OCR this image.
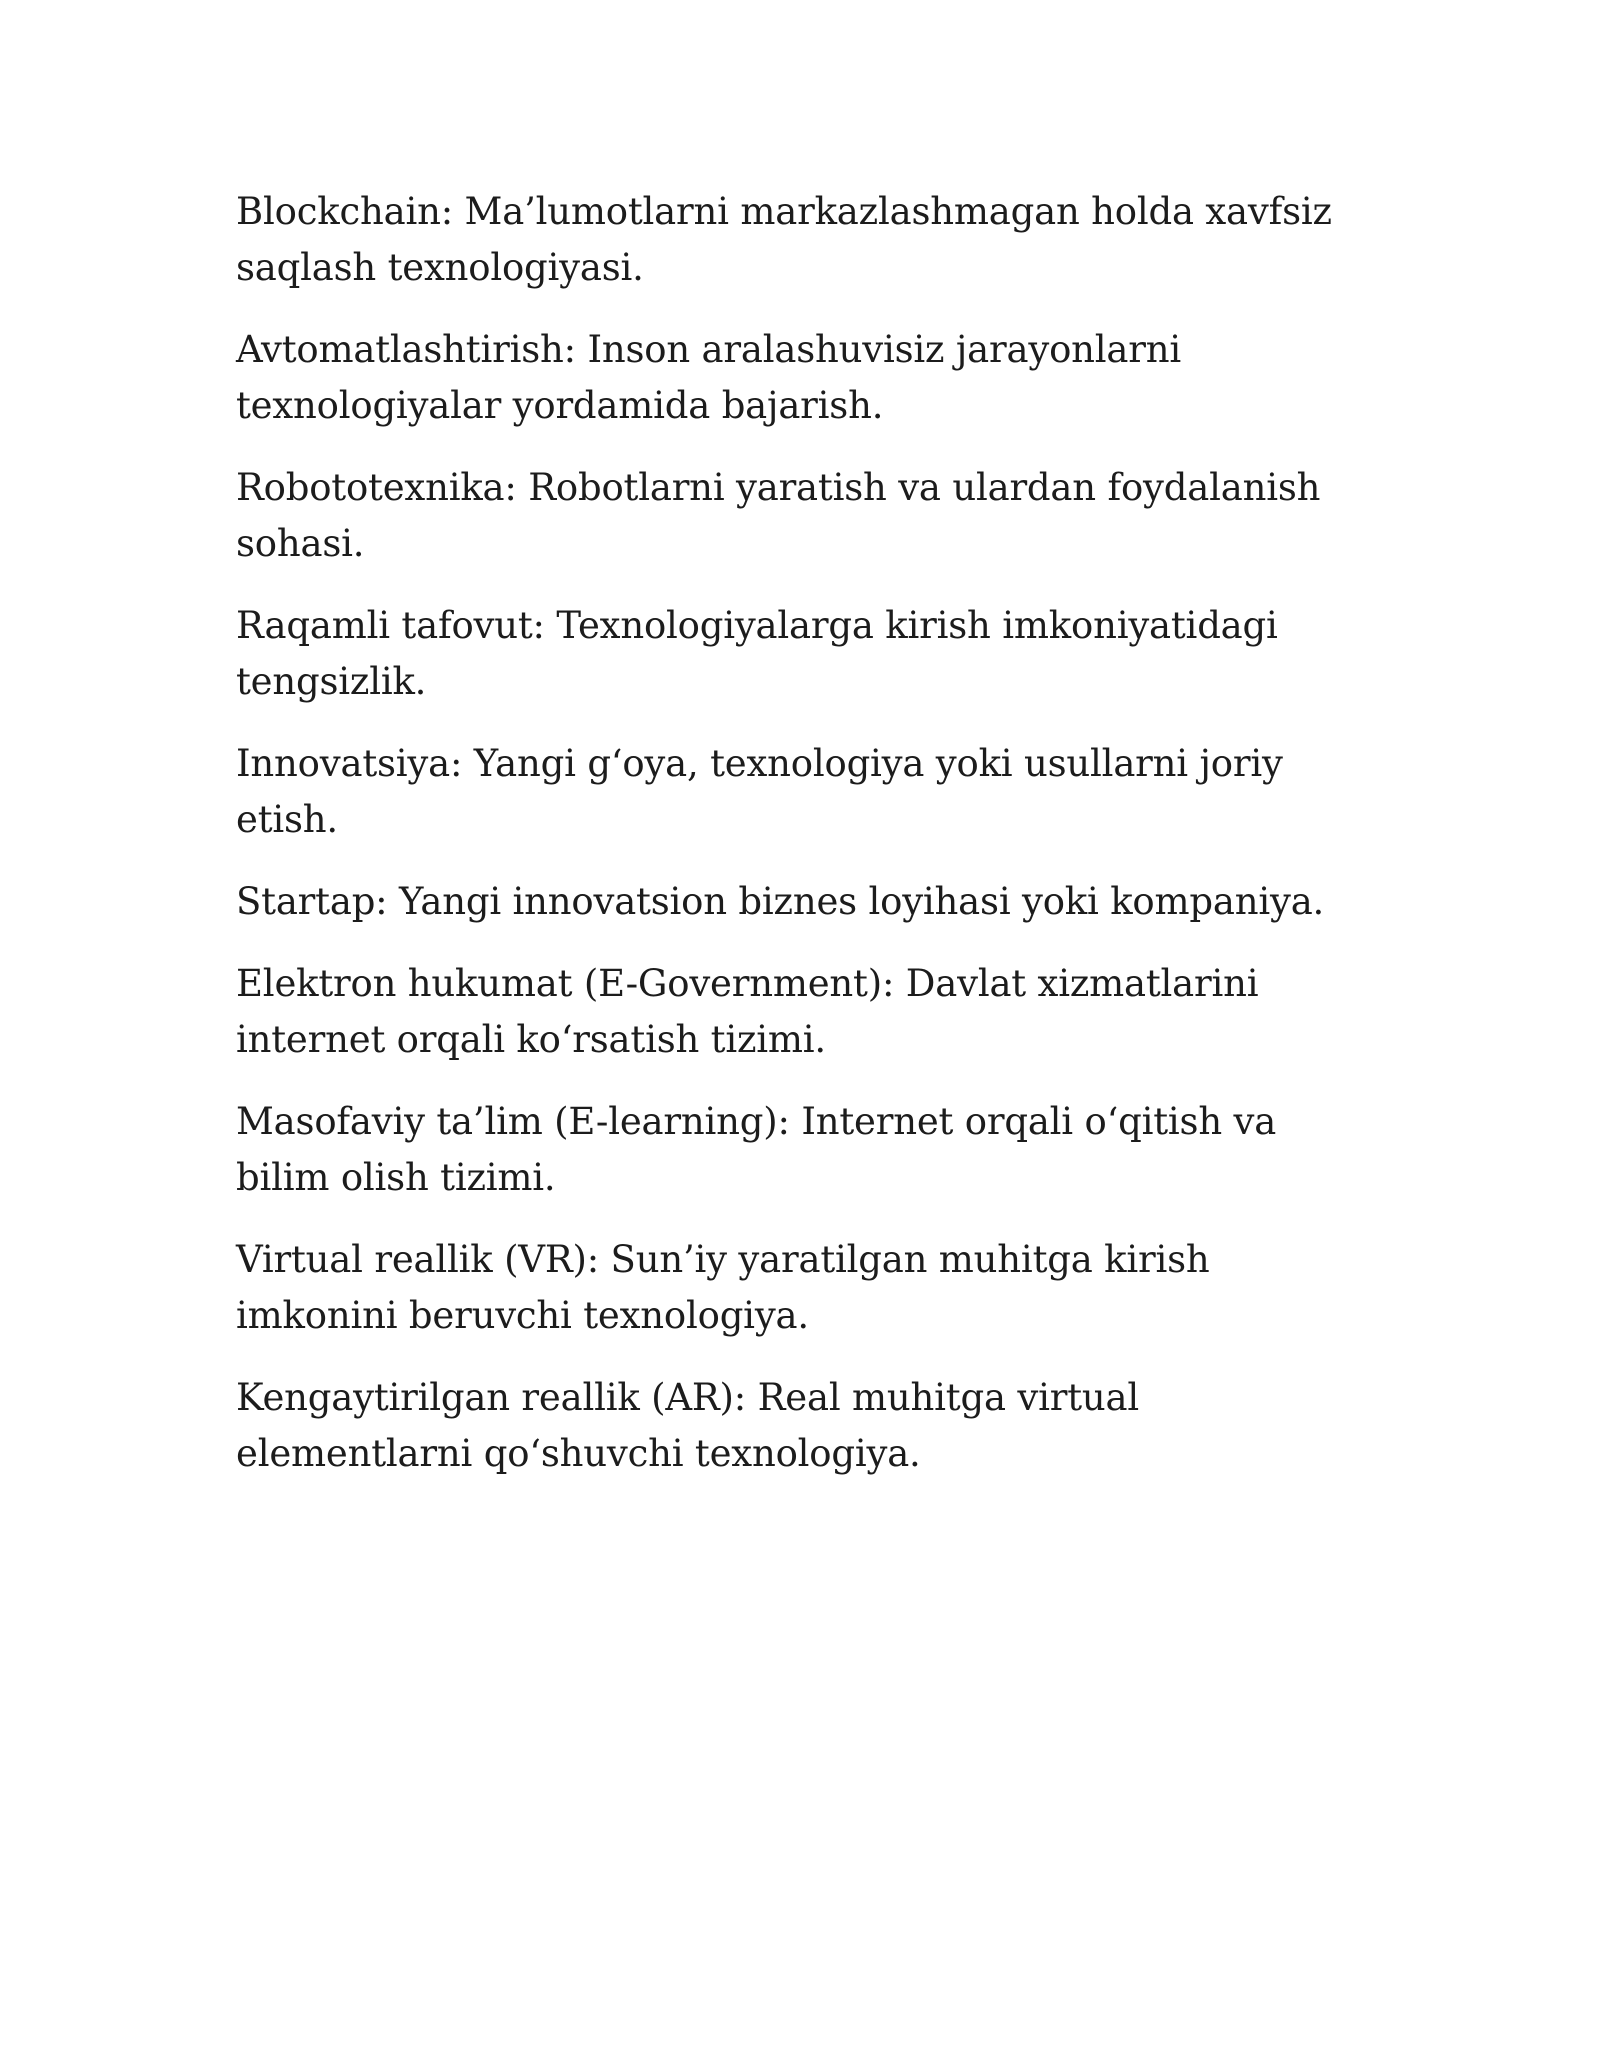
Blockchain: Ma’lumotlarni markazlashmagan holda xavfsiz saqlash texnologiyasi.

Avtomatlashtirish: Inson aralashuvisiz jarayonlarni texnologiyalar yordamida bajarish.

Robototexnika: Robotlarni yaratish va ulardan foydalanish sohasi.

Raqamli tafovut: Texnologiyalarga kirish imkoniyatidagi tengsizlik.

Innovatsiya: Yangi g‘oya, texnologiya yoki usullarni joriy etish.

Startap: Yangi innovatsion biznes loyihasi yoki kompaniya.

Elektron hukumat (E-Government): Davlat xizmatlarini internet orqali ko‘rsatish tizimi.

Masofaviy ta’lim (E-learning): Internet orqali o‘qitish va bilim olish tizimi.

Virtual reallik (VR): Sun’iy yaratilgan muhitga kirish imkonini beruvchi texnologiya.

Kengaytirilgan reallik (AR): Real muhitga virtual elementlarni qo‘shuvchi texnologiya.
